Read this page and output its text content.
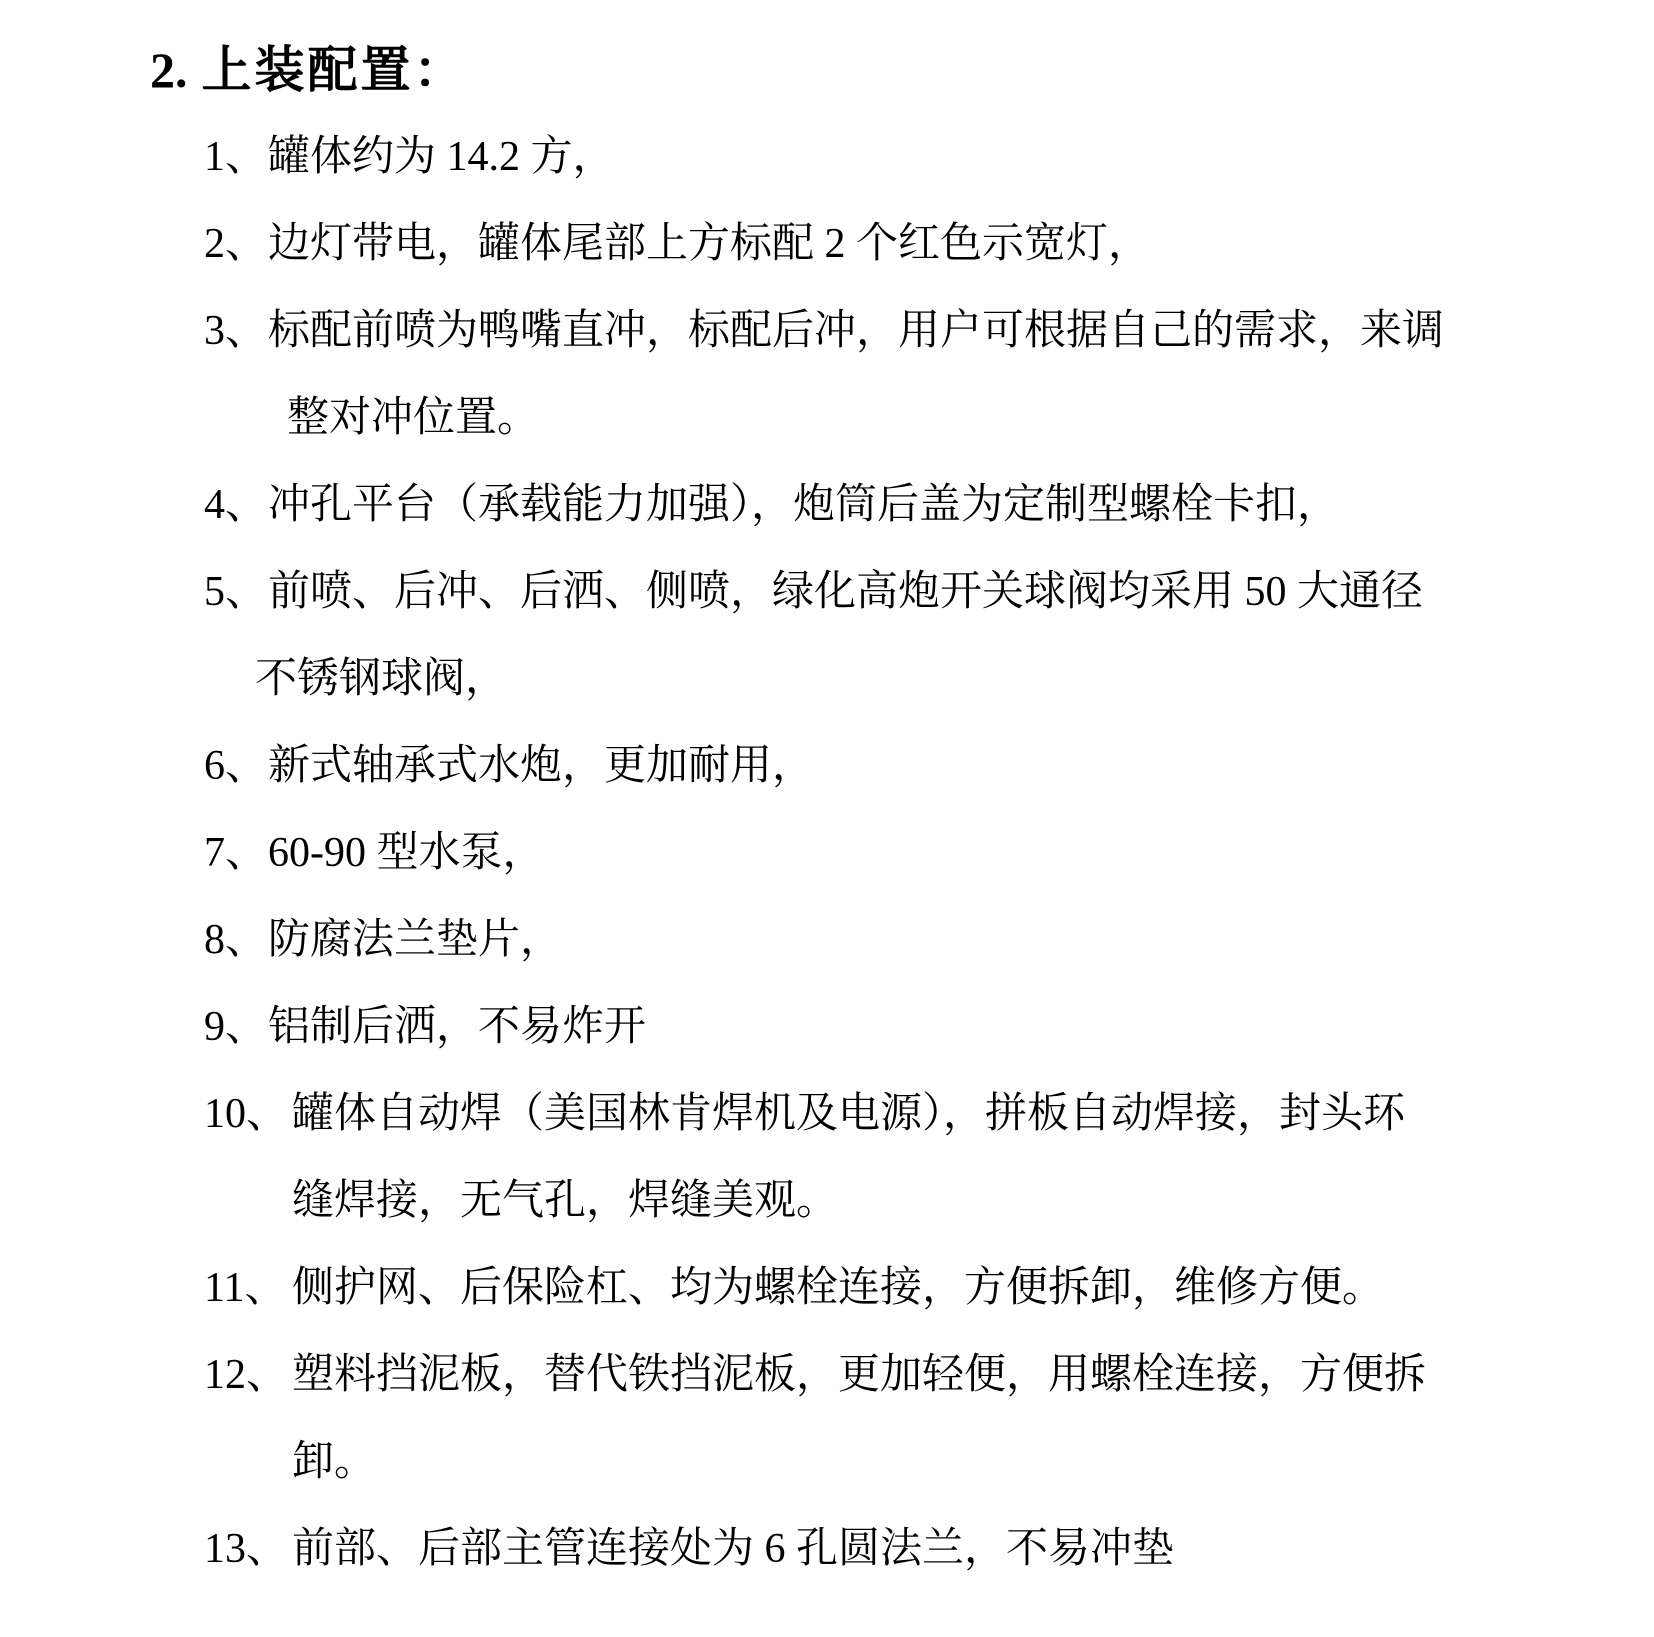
2. 上装配置：
1、罐体约为 14.2 方，
2、边灯带电，罐体尾部上方标配 2 个红色示宽灯，
3、标配前喷为鸭嘴直冲，标配后冲，用户可根据自己的需求，来调
整对冲位置。
4、冲孔平台（承载能力加强），炮筒后盖为定制型螺栓卡扣，
5、前喷、后冲、后洒、侧喷，绿化高炮开关球阀均采用 50 大通径
不锈钢球阀，
6、新式轴承式水炮，更加耐用，
7、60-90 型水泵，
8、防腐法兰垫片，
9、铝制后洒，不易炸开
10、罐体自动焊（美国林肯焊机及电源），拼板自动焊接，封头环
缝焊接，无气孔，焊缝美观。
11、 侧护网、后保险杠、均为螺栓连接，方便拆卸，维修方便。
12、塑料挡泥板，替代铁挡泥板，更加轻便，用螺栓连接，方便拆
卸。
13、前部、后部主管连接处为 6 孔圆法兰，不易冲垫
